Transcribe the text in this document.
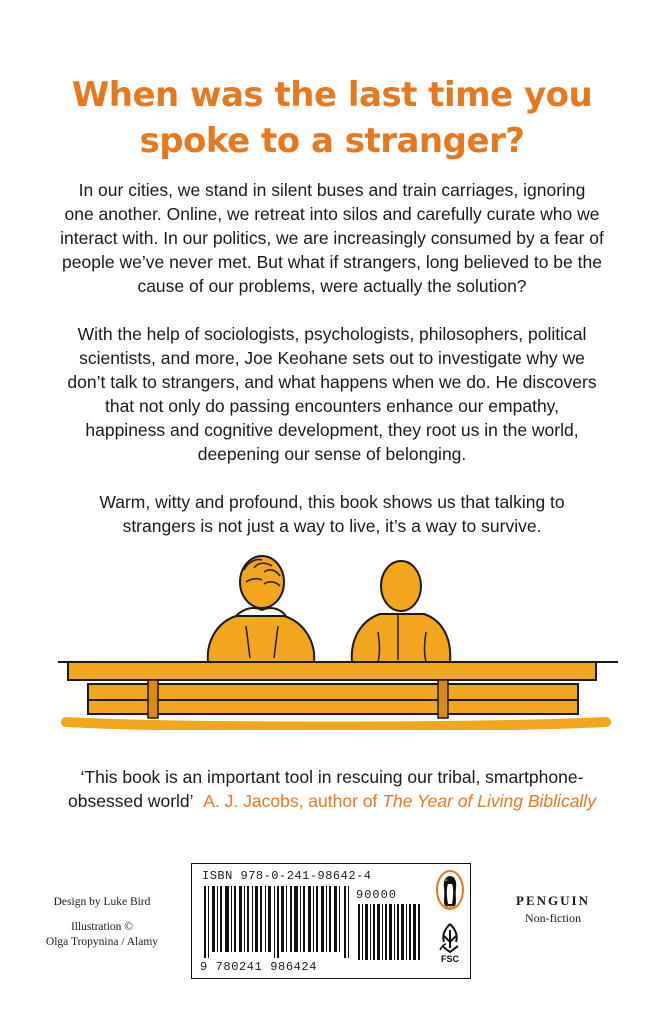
When was the last time you
spoke to a stranger?
In our cities, we stand in silent buses and train carriages, ignoring
one another. Online, we retreat into silos and carefully curate who we
interact with. In our politics, we are increasingly consumed by a fear of
people we’ve never met. But what if strangers, long believed to be the
cause of our problems, were actually the solution?
With the help of sociologists, psychologists, philosophers, political
scientists, and more, Joe Keohane sets out to investigate why we
don’t talk to strangers, and what happens when we do. He discovers
that not only do passing encounters enhance our empathy,
happiness and cognitive development, they root us in the world,
deepening our sense of belonging.
Warm, witty and profound, this book shows us that talking to
strangers is not just a way to live, it’s a way to survive.
‘This book is an important tool in rescuing our tribal, smartphone-
obsessed world’ A. J. Jacobs, author of The Year of Living Biblically
Design by Luke Bird
Illustration ©
Olga Tropynina / Alamy
ISBN 978-0-241-98642-4
90000
9 780241 986424
FSC
PENGUIN
Non-fiction
